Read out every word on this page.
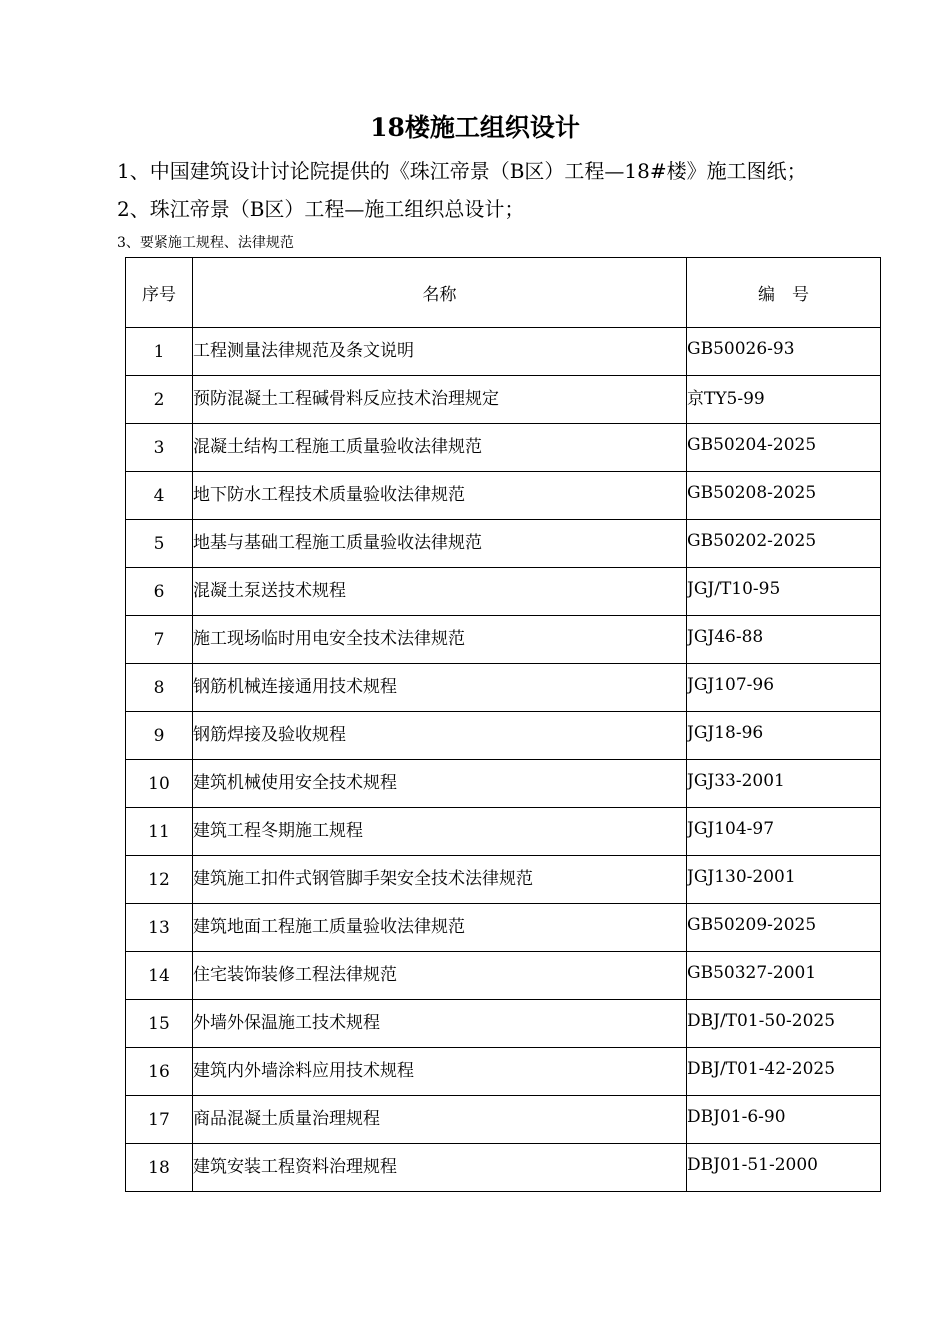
18楼施工组织设计
1、中国建筑设计讨论院提供的《珠江帝景（B区）工程—18#楼》施工图纸；
2、珠江帝景（B区）工程—施工组织总设计；
3、要紧施工规程、法律规范
序号	名称	编　号
1	工程测量法律规范及条文说明	GB50026-93
2	预防混凝土工程碱骨料反应技术治理规定	京TY5-99
3	混凝土结构工程施工质量验收法律规范	GB50204-2025
4	地下防水工程技术质量验收法律规范	GB50208-2025
5	地基与基础工程施工质量验收法律规范	GB50202-2025
6	混凝土泵送技术规程	JGJ/T10-95
7	施工现场临时用电安全技术法律规范	JGJ46-88
8	钢筋机械连接通用技术规程	JGJ107-96
9	钢筋焊接及验收规程	JGJ18-96
10	建筑机械使用安全技术规程	JGJ33-2001
11	建筑工程冬期施工规程	JGJ104-97
12	建筑施工扣件式钢管脚手架安全技术法律规范	JGJ130-2001
13	建筑地面工程施工质量验收法律规范	GB50209-2025
14	住宅装饰装修工程法律规范	GB50327-2001
15	外墙外保温施工技术规程	DBJ/T01-50-2025
16	建筑内外墙涂料应用技术规程	DBJ/T01-42-2025
17	商品混凝土质量治理规程	DBJ01-6-90
18	建筑安装工程资料治理规程	DBJ01-51-2000
